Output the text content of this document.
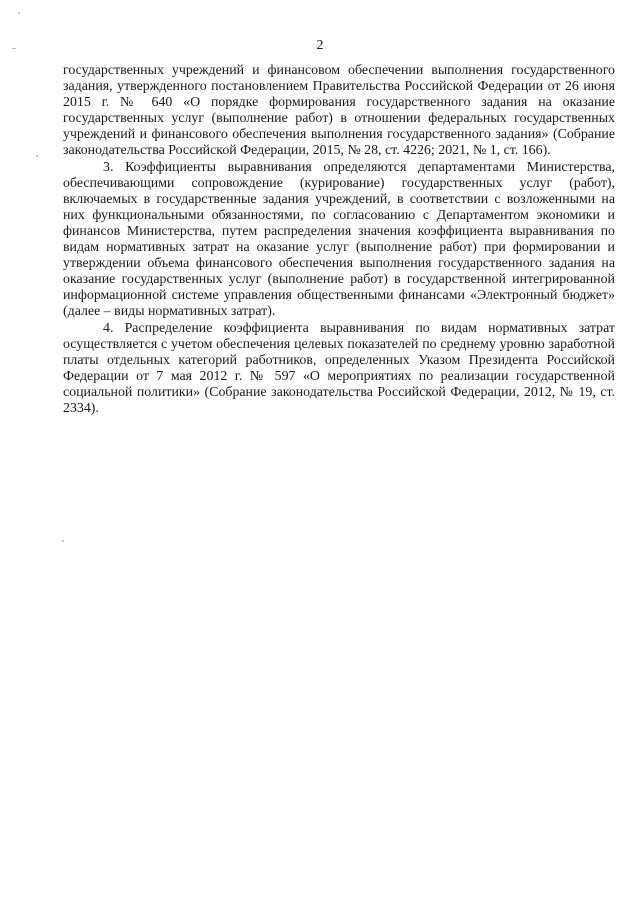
2

государственных учреждений и финансовом обеспечении выполнения государственного задания, утвержденного постановлением Правительства Российской Федерации от 26 июня 2015 г. № 640 «О порядке формирования государственного задания на оказание государственных услуг (выполнение работ) в отношении федеральных государственных учреждений и финансового обеспечения выполнения государственного задания» (Собрание законодательства Российской Федерации, 2015, № 28, ст. 4226; 2021, № 1, ст. 166).

3. Коэффициенты выравнивания определяются департаментами Министерства, обеспечивающими сопровождение (курирование) государственных услуг (работ), включаемых в государственные задания учреждений, в соответствии с возложенными на них функциональными обязанностями, по согласованию с Департаментом экономики и финансов Министерства, путем распределения значения коэффициента выравнивания по видам нормативных затрат на оказание услуг (выполнение работ) при формировании и утверждении объема финансового обеспечения выполнения государственного задания на оказание государственных услуг (выполнение работ) в государственной интегрированной информационной системе управления общественными финансами «Электронный бюджет» (далее – виды нормативных затрат).

4. Распределение коэффициента выравнивания по видам нормативных затрат осуществляется с учетом обеспечения целевых показателей по среднему уровню заработной платы отдельных категорий работников, определенных Указом Президента Российской Федерации от 7 мая 2012 г. № 597 «О мероприятиях по реализации государственной социальной политики» (Собрание законодательства Российской Федерации, 2012, № 19, ст. 2334).
